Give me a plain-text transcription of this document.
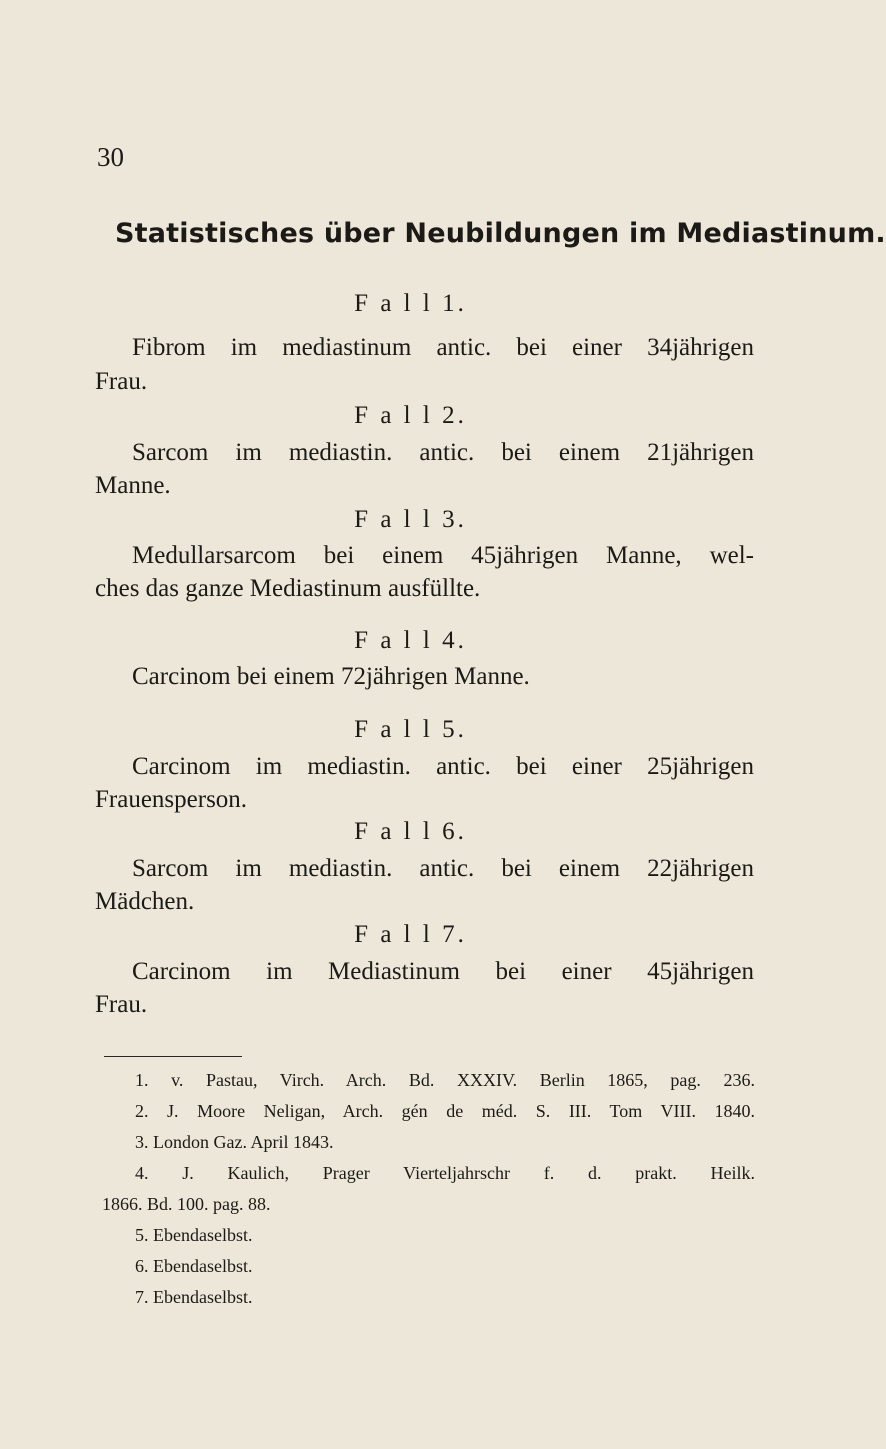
30
Statistisches über Neubildungen im Mediastinum.
F a l l 1.
Fibrom im mediastinum antic. bei einer 34jährigen
Frau.
F a l l 2.
Sarcom im mediastin. antic. bei einem 21jährigen
Manne.
F a l l 3.
Medullarsarcom bei einem 45jährigen Manne, wel-
ches das ganze Mediastinum ausfüllte.
F a l l 4.
Carcinom bei einem 72jährigen Manne.
F a l l 5.
Carcinom im mediastin. antic. bei einer 25jährigen
Frauensperson.
F a l l 6.
Sarcom im mediastin. antic. bei einem 22jährigen
Mädchen.
F a l l 7.
Carcinom im Mediastinum bei einer 45jährigen
Frau.
1. v. Pastau, Virch. Arch. Bd. XXXIV. Berlin 1865, pag. 236.
2. J. Moore Neligan, Arch. gén de méd. S. III. Tom VIII. 1840.
3. London Gaz. April 1843.
4. J. Kaulich, Prager Vierteljahrschr f. d. prakt. Heilk.
1866. Bd. 100. pag. 88.
5. Ebendaselbst.
6. Ebendaselbst.
7. Ebendaselbst.
